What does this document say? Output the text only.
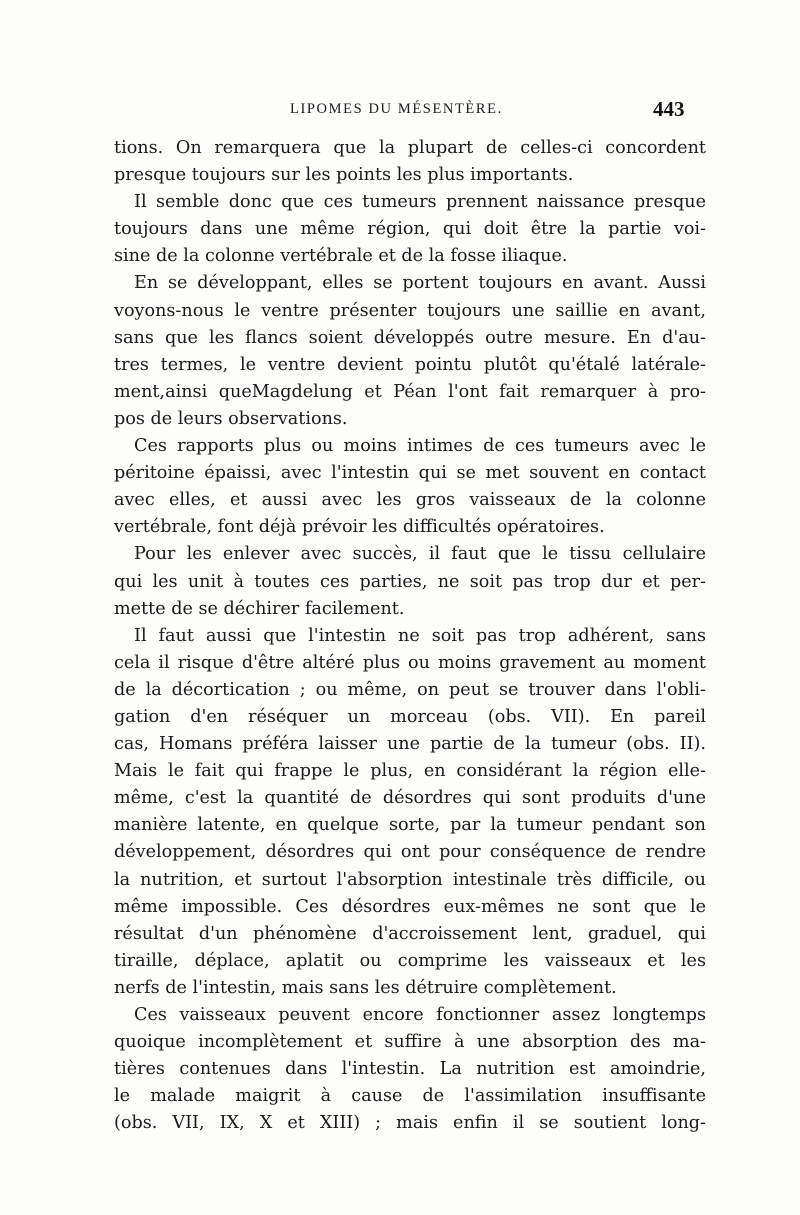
LIPOMES DU MÉSENTÈRE.	443
tions. On remarquera que la plupart de celles-ci concordent
presque toujours sur les points les plus importants.
Il semble donc que ces tumeurs prennent naissance presque
toujours dans une même région, qui doit être la partie voi-
sine de la colonne vertébrale et de la fosse iliaque.
En se développant, elles se portent toujours en avant. Aussi
voyons-nous le ventre présenter toujours une saillie en avant,
sans que les flancs soient développés outre mesure. En d'au-
tres termes, le ventre devient pointu plutôt qu'étalé latérale-
ment,ainsi queMagdelung et Péan l'ont fait remarquer à pro-
pos de leurs observations.
Ces rapports plus ou moins intimes de ces tumeurs avec le
péritoine épaissi, avec l'intestin qui se met souvent en contact
avec elles, et aussi avec les gros vaisseaux de la colonne
vertébrale, font déjà prévoir les difficultés opératoires.
Pour les enlever avec succès, il faut que le tissu cellulaire
qui les unit à toutes ces parties, ne soit pas trop dur et per-
mette de se déchirer facilement.
Il faut aussi que l'intestin ne soit pas trop adhérent, sans
cela il risque d'être altéré plus ou moins gravement au moment
de la décortication ; ou même, on peut se trouver dans l'obli-
gation d'en réséquer un morceau (obs. VII). En pareil
cas, Homans préféra laisser une partie de la tumeur (obs. II).
Mais le fait qui frappe le plus, en considérant la région elle-
même, c'est la quantité de désordres qui sont produits d'une
manière latente, en quelque sorte, par la tumeur pendant son
développement, désordres qui ont pour conséquence de rendre
la nutrition, et surtout l'absorption intestinale très difficile, ou
même impossible. Ces désordres eux-mêmes ne sont que le
résultat d'un phénomène d'accroissement lent, graduel, qui
tiraille, déplace, aplatit ou comprime les vaisseaux et les
nerfs de l'intestin, mais sans les détruire complètement.
Ces vaisseaux peuvent encore fonctionner assez longtemps
quoique incomplètement et suffire à une absorption des ma-
tières contenues dans l'intestin. La nutrition est amoindrie,
le malade maigrit à cause de l'assimilation insuffisante
(obs. VII, IX, X et XIII) ; mais enfin il se soutient long-
